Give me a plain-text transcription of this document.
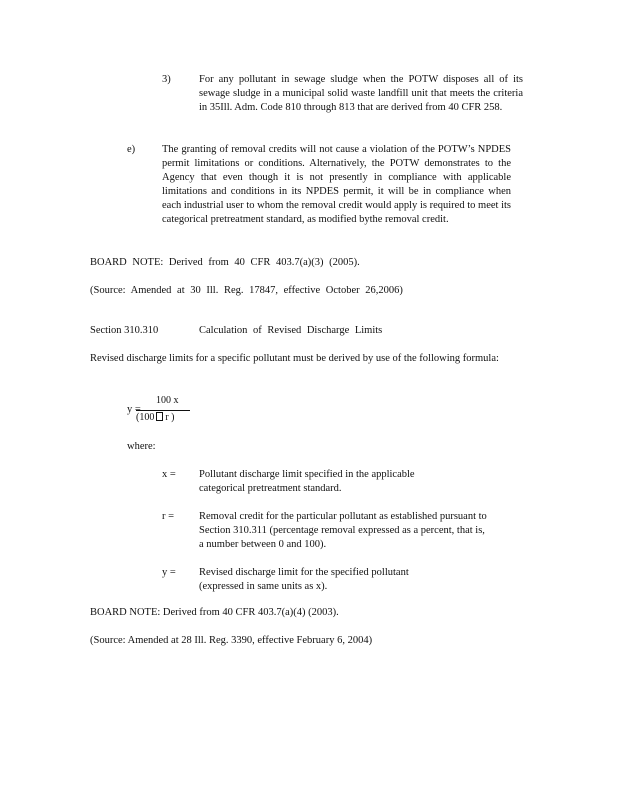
3)	For any pollutant in sewage sludge when the POTW disposes all of its sewage sludge in a municipal solid waste landfill unit that meets the criteria in 35Ill. Adm. Code 810 through 813 that are derived from 40 CFR 258.

e)	The granting of removal credits will not cause a violation of the POTW’s NPDES permit limitations or conditions. Alternatively, the POTW demonstrates to the Agency that even though it is not presently in compliance with applicable limitations and conditions in its NPDES permit, it will be in compliance when each industrial user to whom the removal credit would apply is required to meet its categorical pretreatment standard, as modified bythe removal credit.

BOARD NOTE: Derived from 40 CFR 403.7(a)(3) (2005).

(Source: Amended at 30 Ill. Reg. 17847, effective October 26,2006)

Section 310.310	Calculation of Revised Discharge Limits

Revised discharge limits for a specific pollutant must be derived by use of the following formula:

y =
100 x
(100 r )

where:

x = Pollutant discharge limit specified in the applicable categorical pretreatment standard.

r = Removal credit for the particular pollutant as established pursuant to Section 310.311 (percentage removal expressed as a percent, that is, a number between 0 and 100).

y = Revised discharge limit for the specified pollutant (expressed in same units as x).

BOARD NOTE: Derived from 40 CFR 403.7(a)(4) (2003).

(Source: Amended at 28 Ill. Reg. 3390, effective February 6, 2004)
